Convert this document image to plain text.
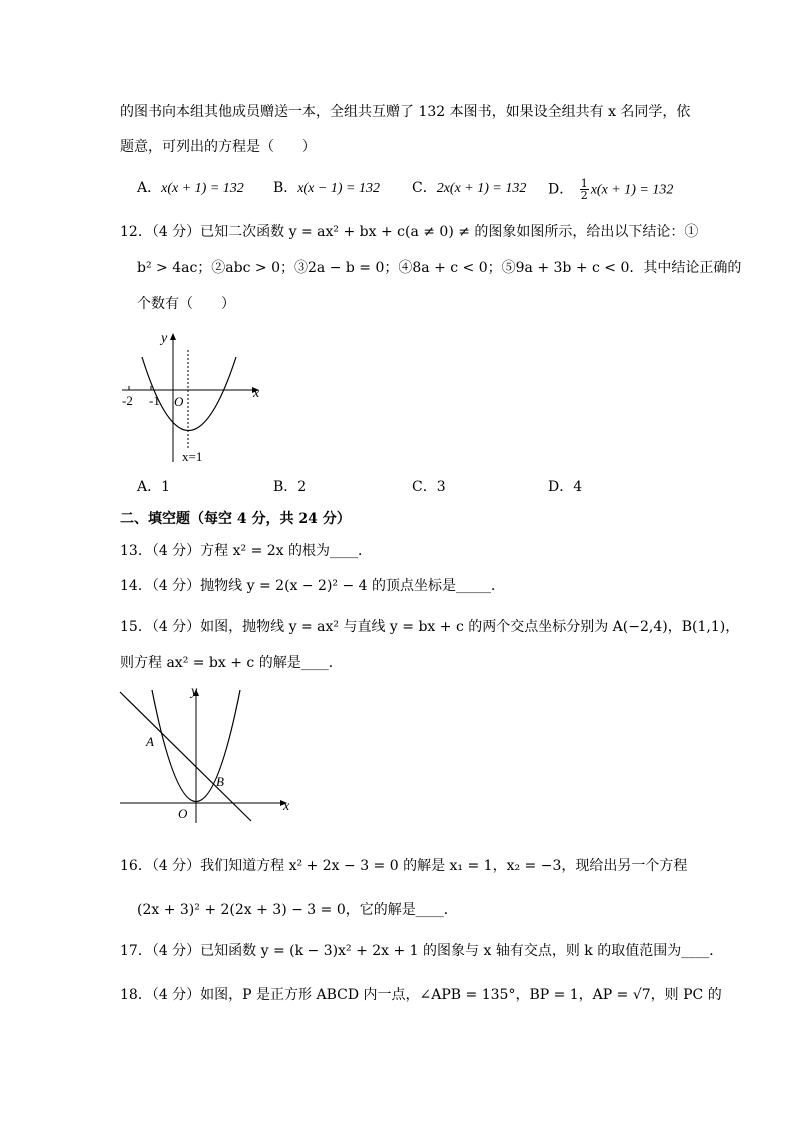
的图书向本组其他成员赠送一本，全组共互赠了 132 本图书，如果设全组共有 x 名同学，依
题意，可列出的方程是（　　）
A．x(x + 1) = 132 B．x(x − 1) = 132 C．2x(x + 1) = 132 D． $\frac{1}{2} x(x + 1) = 132$
12．（4 分）已知二次函数 y = ax² + bx + c(a ≠ 0) ≠ 的图象如图所示，给出以下结论：①
b² > 4ac；②abc > 0；③2a − b = 0；④8a + c < 0；⑤9a + 3b + c < 0．其中结论正确的
个数有（　　）
y
x
O
-2 -1
x=1
A．1	B．2	C．3	D．4
二、填空题（每空 4 分，共 24 分）
13．（4 分）方程 x² = 2x 的根为____．
14．（4 分）抛物线 y = 2(x − 2)² − 4 的顶点坐标是_____．
15．（4 分）如图，抛物线 y = ax² 与直线 y = bx + c 的两个交点坐标分别为 A(−2,4)，B(1,1)，
则方程 ax² = bx + c 的解是____．
y
x
O
A
B
16．（4 分）我们知道方程 x² + 2x − 3 = 0 的解是 x₁ = 1，x₂ = −3，现给出另一个方程
(2x + 3)² + 2(2x + 3) − 3 = 0，它的解是____．
17．（4 分）已知函数 y = (k − 3)x² + 2x + 1 的图象与 x 轴有交点，则 k 的取值范围为____．
18．（4 分）如图，P 是正方形 ABCD 内一点，∠APB = 135°，BP = 1，AP = √7，则 PC 的
